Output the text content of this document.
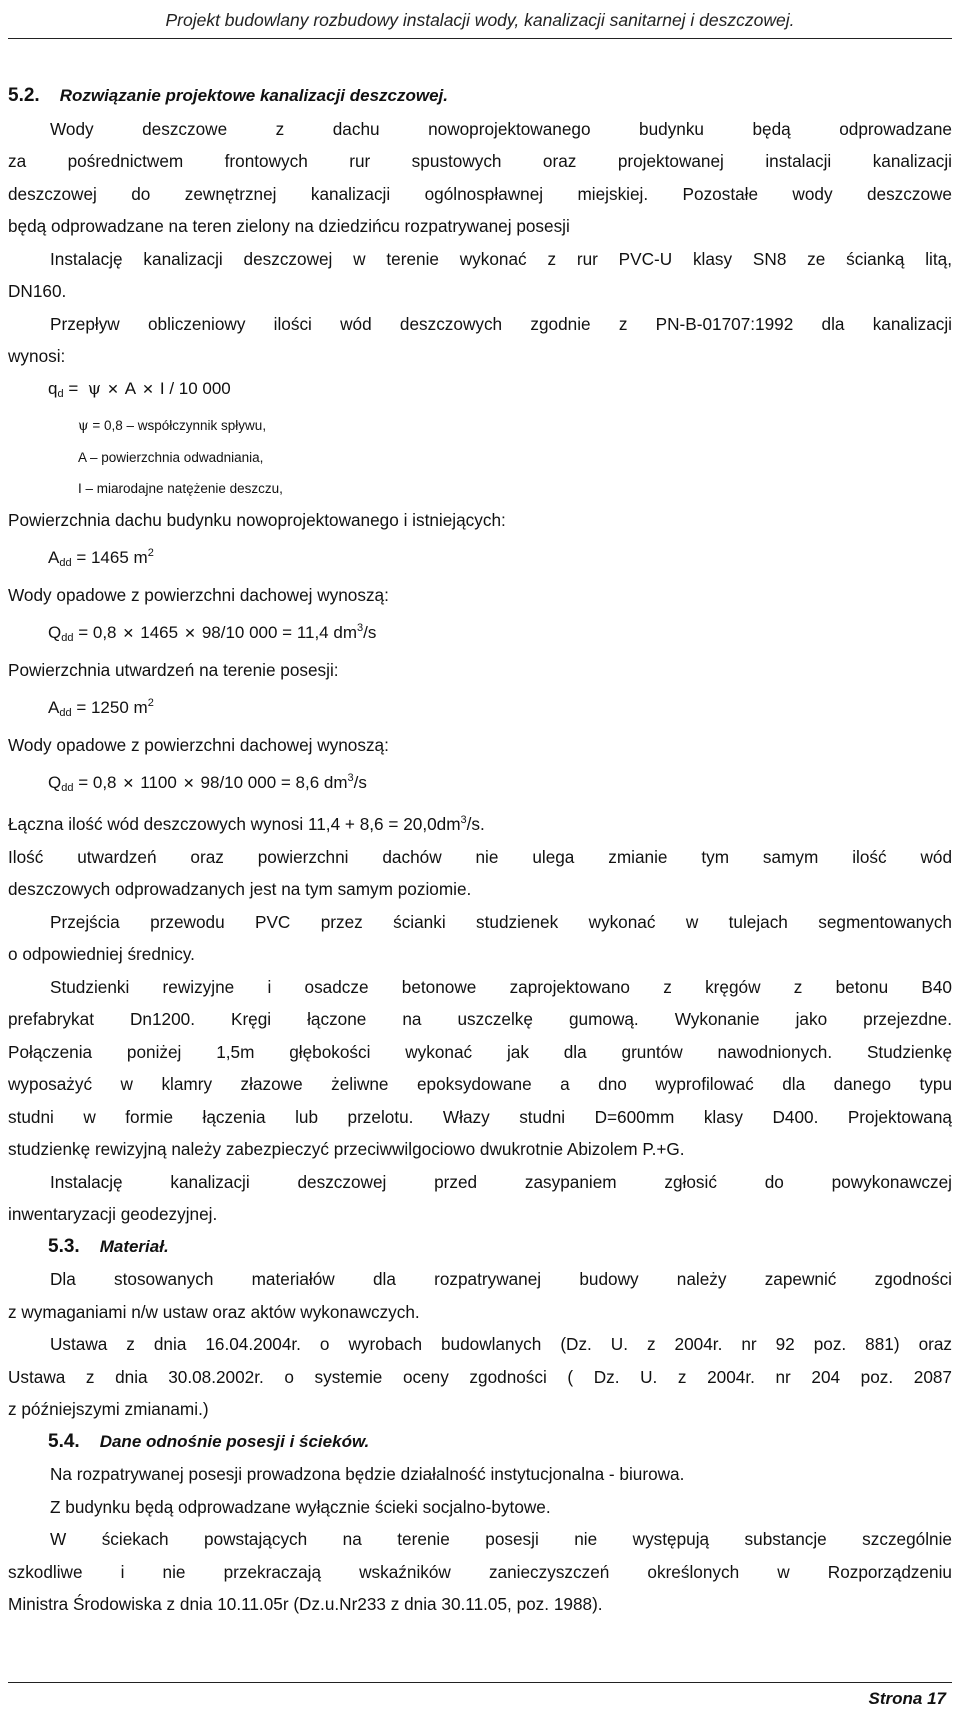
Projekt budowlany rozbudowy instalacji wody, kanalizacji sanitarnej i deszczowej.
5.2. Rozwiązanie projektowe kanalizacji deszczowej.
Wody deszczowe z dachu nowoprojektowanego budynku będą odprowadzane
za pośrednictwem frontowych rur spustowych oraz projektowanej instalacji kanalizacji
deszczowej do zewnętrznej kanalizacji ogólnospławnej miejskiej. Pozostałe wody deszczowe
będą odprowadzane na teren zielony na dziedzińcu rozpatrywanej posesji
Instalację kanalizacji deszczowej w terenie wykonać z rur PVC-U klasy SN8 ze ścianką litą,
DN160.
Przepływ obliczeniowy ilości wód deszczowych zgodnie z PN-B-01707:1992 dla kanalizacji
wynosi:
$q_d = \psi$ ✕ A ✕ I / 10 000
ψ = 0,8 – współczynnik spływu,
A – powierzchnia odwadniania,
I – miarodajne natężenie deszczu,
Powierzchnia dachu budynku nowoprojektowanego i istniejących:
$A_{dd} = 1465$ $m^2$
Wody opadowe z powierzchni dachowej wynoszą:
$Q_{dd} = 0,8$ ✕ 1465 ✕ 98/10 000 = 11,4 $dm^3/s$
Powierzchnia utwardzeń na terenie posesji:
$A_{dd} = 1250$ $m^2$
Wody opadowe z powierzchni dachowej wynoszą:
$Q_{dd} = 0,8$ ✕ 1100 ✕ 98/10 000 = 8,6 $dm^3/s$
Łączna ilość wód deszczowych wynosi $11,4 + 8,6 = 20,0dm^3/s$.
Ilość utwardzeń oraz powierzchni dachów nie ulega zmianie tym samym ilość wód
deszczowych odprowadzanych jest na tym samym poziomie.
Przejścia przewodu PVC przez ścianki studzienek wykonać w tulejach segmentowanych
o odpowiedniej średnicy.
Studzienki rewizyjne i osadcze betonowe zaprojektowano z kręgów z betonu B40
prefabrykat Dn1200. Kręgi łączone na uszczelkę gumową. Wykonanie jako przejezdne.
Połączenia poniżej 1,5m głębokości wykonać jak dla gruntów nawodnionych. Studzienkę
wyposażyć w klamry złazowe żeliwne epoksydowane a dno wyprofilować dla danego typu
studni w formie łączenia lub przelotu. Włazy studni D=600mm klasy D400. Projektowaną
studzienkę rewizyjną należy zabezpieczyć przeciwwilgociowo dwukrotnie Abizolem P.+G.
Instalację kanalizacji deszczowej przed zasypaniem zgłosić do powykonawczej
inwentaryzacji geodezyjnej.
5.3. Materiał.
Dla stosowanych materiałów dla rozpatrywanej budowy należy zapewnić zgodności
z wymaganiami n/w ustaw oraz aktów wykonawczych.
Ustawa z dnia 16.04.2004r. o wyrobach budowlanych (Dz. U. z 2004r. nr 92 poz. 881) oraz
Ustawa z dnia 30.08.2002r. o systemie oceny zgodności ( Dz. U. z 2004r. nr 204 poz. 2087
z późniejszymi zmianami.)
5.4. Dane odnośnie posesji i ścieków.
Na rozpatrywanej posesji prowadzona będzie działalność instytucjonalna - biurowa.
Z budynku będą odprowadzane wyłącznie ścieki socjalno-bytowe.
W ściekach powstających na terenie posesji nie występują substancje szczególnie
szkodliwe i nie przekraczają wskaźników zanieczyszczeń określonych w Rozporządzeniu
Ministra Środowiska z dnia 10.11.05r (Dz.u.Nr233 z dnia 30.11.05, poz. 1988).
Strona 17
